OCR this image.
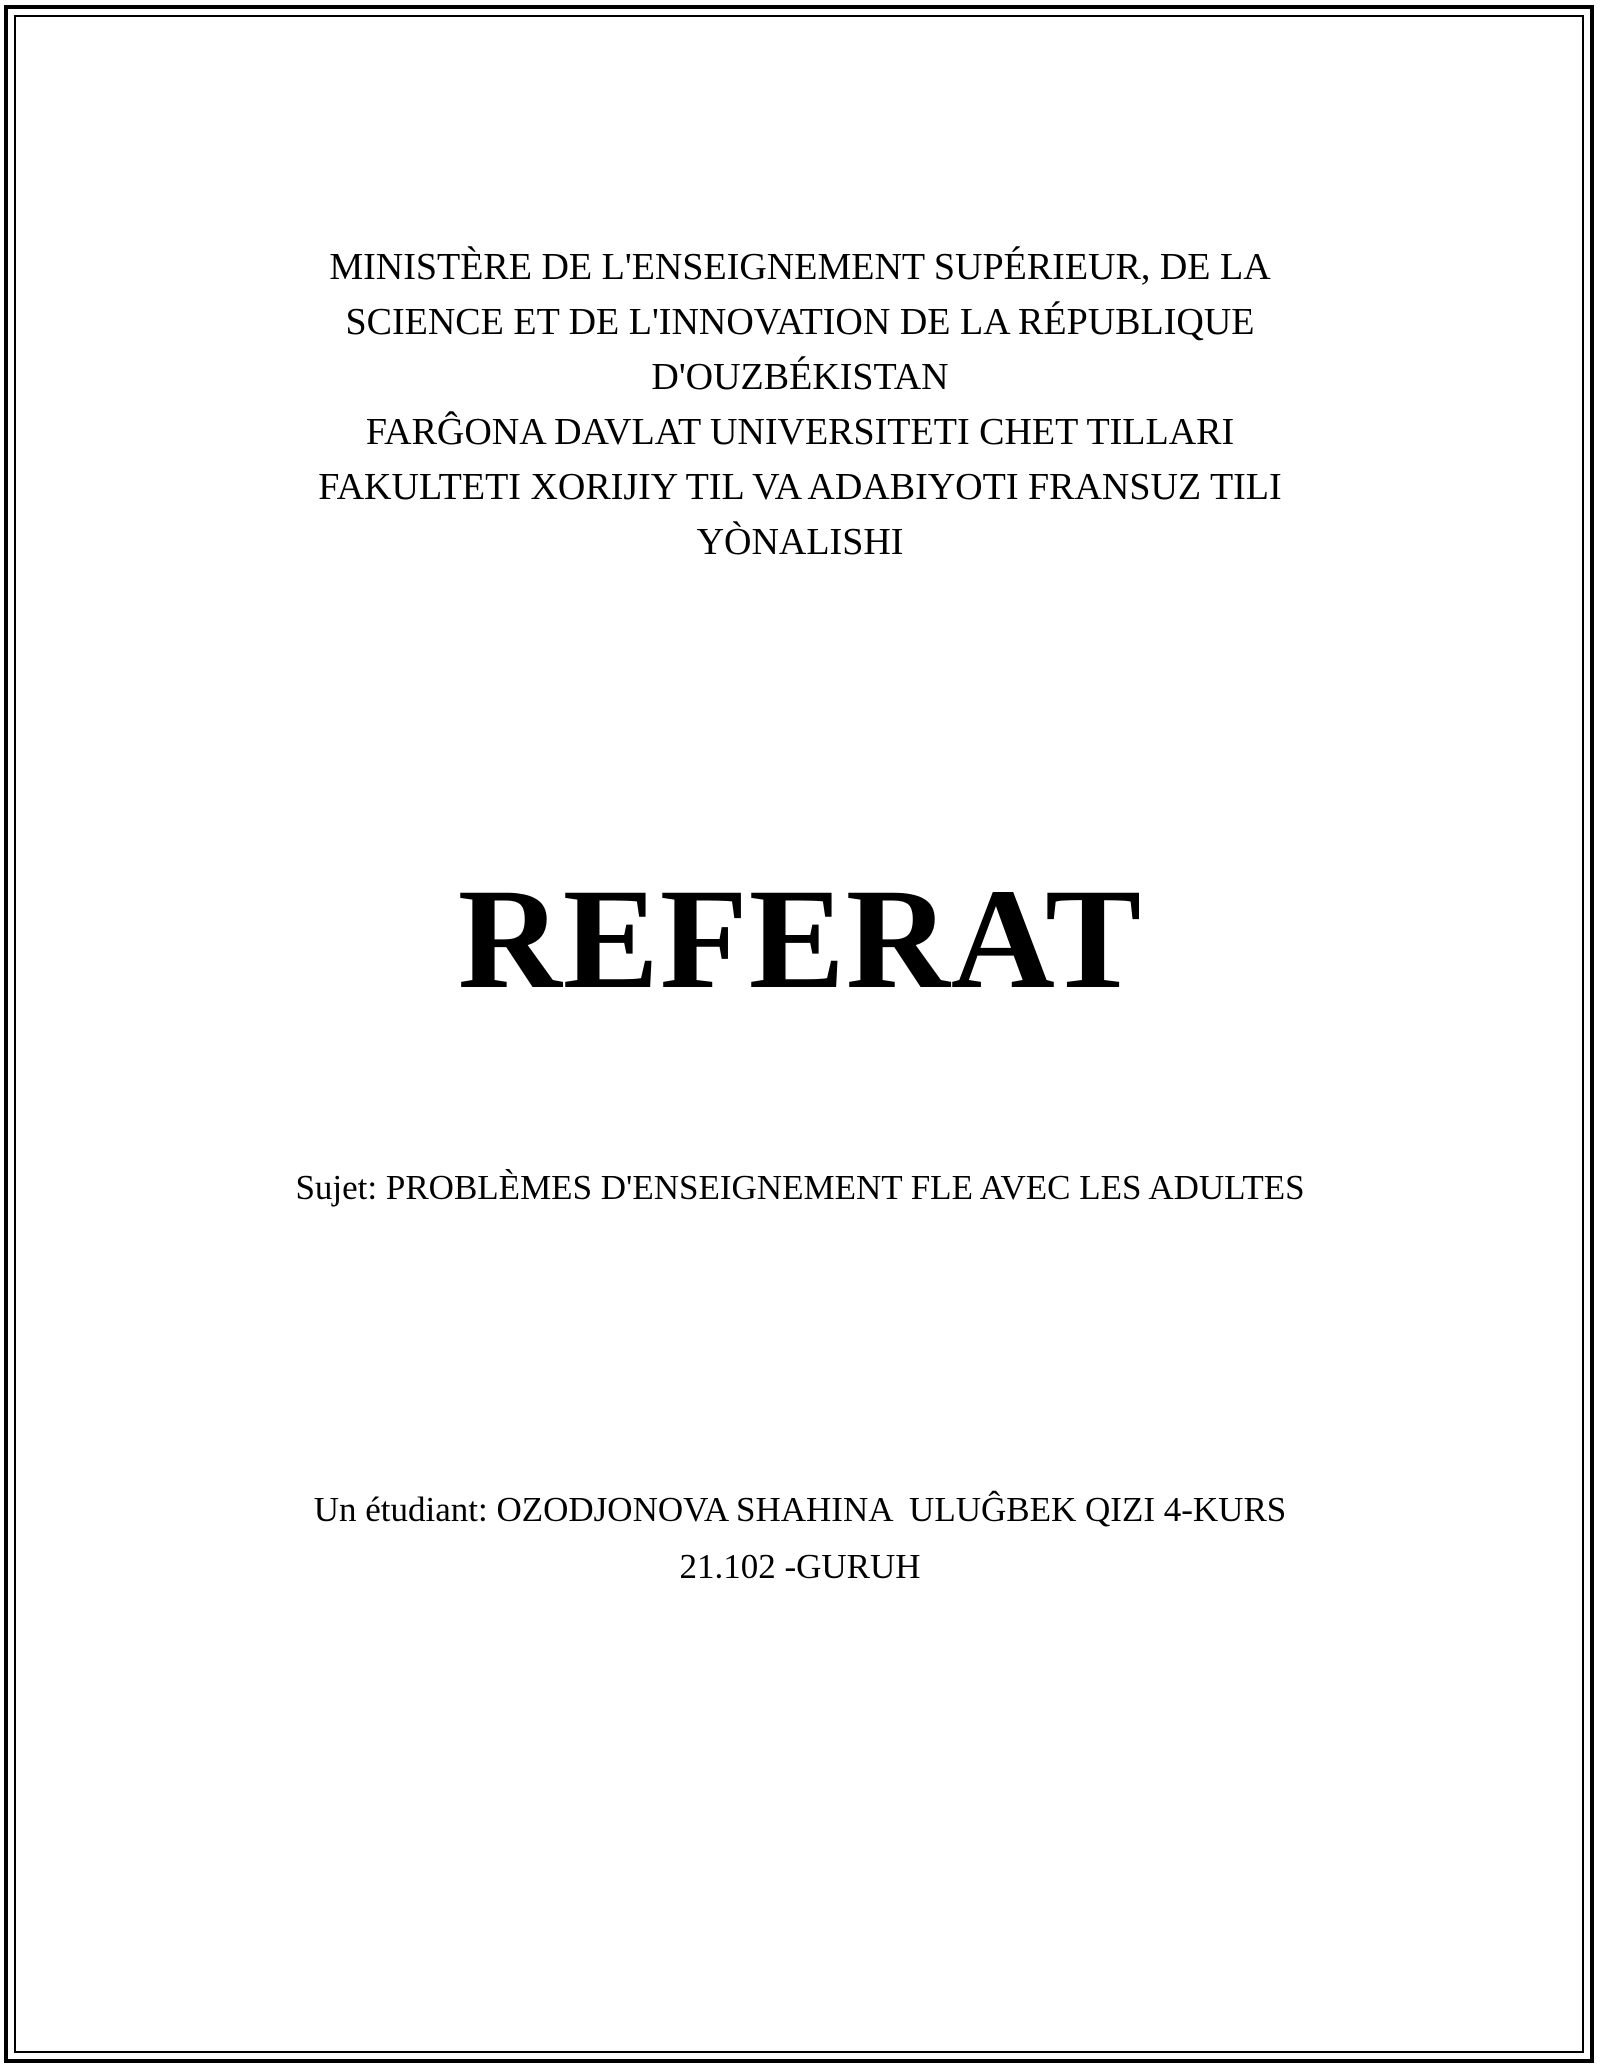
MINISTÈRE DE L'ENSEIGNEMENT SUPÉRIEUR, DE LA
SCIENCE ET DE L'INNOVATION DE LA RÉPUBLIQUE
D'OUZBÉKISTAN
FARĜONA DAVLAT UNIVERSITETI CHET TILLARI
FAKULTETI XORIJIY TIL VA ADABIYOTI FRANSUZ TILI
YÒNALISHI
REFERAT
Sujet: PROBLÈMES D'ENSEIGNEMENT FLE AVEC LES ADULTES
Un étudiant: OZODJONOVA SHAHINA  ULUĜBEK QIZI 4-KURS
21.102 -GURUH
